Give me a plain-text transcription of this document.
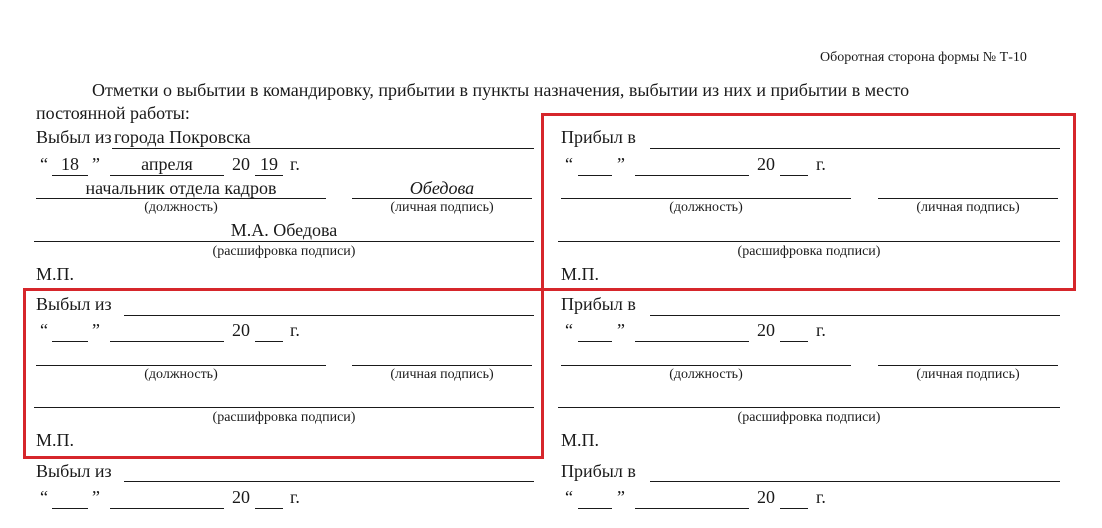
Оборотная сторона формы № Т-10
Отметки о выбытии в командировку, прибытии в пункты назначения, выбытии из них и прибытии в место
постоянной работы:
Выбыл из города Покровска
“ 18 ”	апреля	20 19 г.
начальник отдела кадров	Обедова
(должность)	(личная подпись)
М.А. Обедова
(расшифровка подписи)
М.П.
Прибыл в
“ ”	20 г.
(должность)	(личная подпись)
(расшифровка подписи)
М.П.
Выбыл из
“ ”	20 г.
(должность)	(личная подпись)
(расшифровка подписи)
М.П.
Прибыл в
“ ”	20 г.
(должность)	(личная подпись)
(расшифровка подписи)
М.П.
Выбыл из
“ ”	20 г.
Прибыл в
“ ”	20 г.
